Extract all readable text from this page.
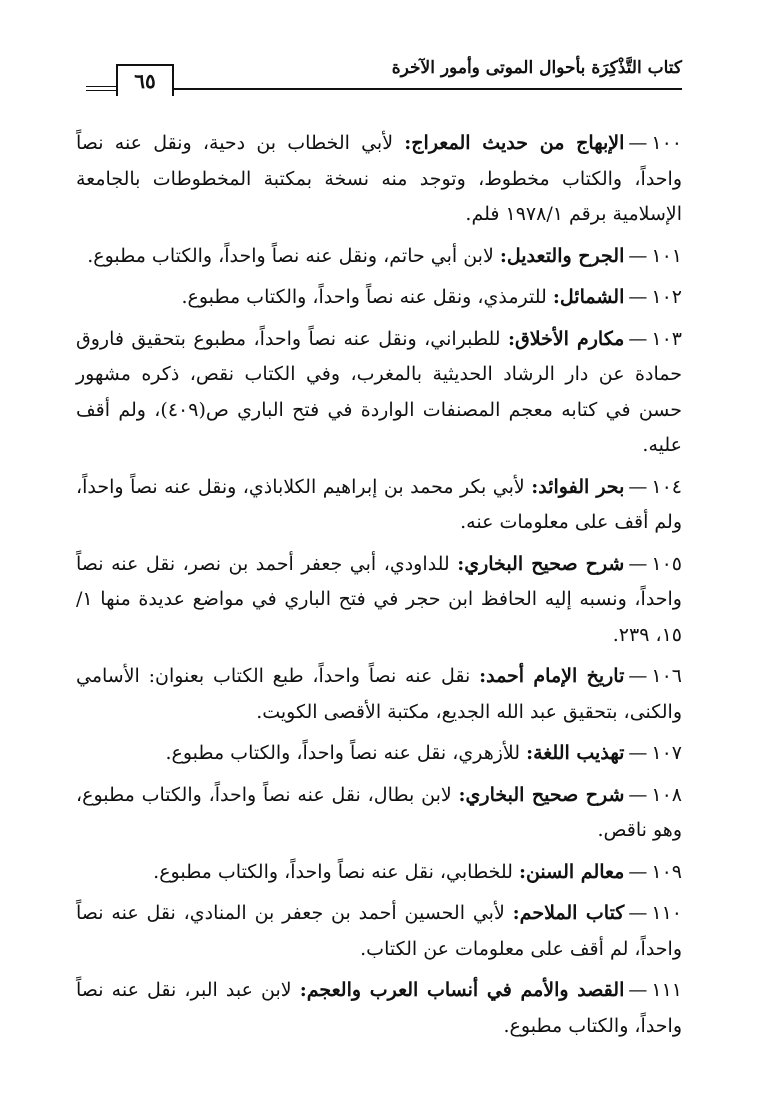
كتاب التَّذْكِرَة بأحوال الموتى وأمور الآخرة
٦٥

١٠٠—الإبهاج من حديث المعراج: لأبي الخطاب بن دحية، ونقل عنه نصاً واحداً، والكتاب مخطوط، وتوجد منه نسخة بمكتبة المخطوطات بالجامعة الإسلامية برقم ١٩٧٨/١ فلم.

١٠١—الجرح والتعديل: لابن أبي حاتم، ونقل عنه نصاً واحداً، والكتاب مطبوع.

١٠٢—الشمائل: للترمذي، ونقل عنه نصاً واحداً، والكتاب مطبوع.

١٠٣—مكارم الأخلاق: للطبراني، ونقل عنه نصاً واحداً، مطبوع بتحقيق فاروق حمادة عن دار الرشاد الحديثية بالمغرب، وفي الكتاب نقص، ذكره مشهور حسن في كتابه معجم المصنفات الواردة في فتح الباري ص(٤٠٩)، ولم أقف عليه.

١٠٤—بحر الفوائد: لأبي بكر محمد بن إبراهيم الكلاباذي، ونقل عنه نصاً واحداً، ولم أقف على معلومات عنه.

١٠٥—شرح صحيح البخاري: للداودي، أبي جعفر أحمد بن نصر، نقل عنه نصاً واحداً، ونسبه إليه الحافظ ابن حجر في فتح الباري في مواضع عديدة منها ١/ ١٥، ٢٣٩.

١٠٦—تاريخ الإمام أحمد: نقل عنه نصاً واحداً، طبع الكتاب بعنوان: الأسامي والكنى، بتحقيق عبد الله الجديع، مكتبة الأقصى الكويت.

١٠٧—تهذيب اللغة: للأزهري، نقل عنه نصاً واحداً، والكتاب مطبوع.

١٠٨—شرح صحيح البخاري: لابن بطال، نقل عنه نصاً واحداً، والكتاب مطبوع، وهو ناقص.

١٠٩—معالم السنن: للخطابي، نقل عنه نصاً واحداً، والكتاب مطبوع.

١١٠—كتاب الملاحم: لأبي الحسين أحمد بن جعفر بن المنادي، نقل عنه نصاً واحداً، لم أقف على معلومات عن الكتاب.

١١١—القصد والأمم في أنساب العرب والعجم: لابن عبد البر، نقل عنه نصاً واحداً، والكتاب مطبوع.
